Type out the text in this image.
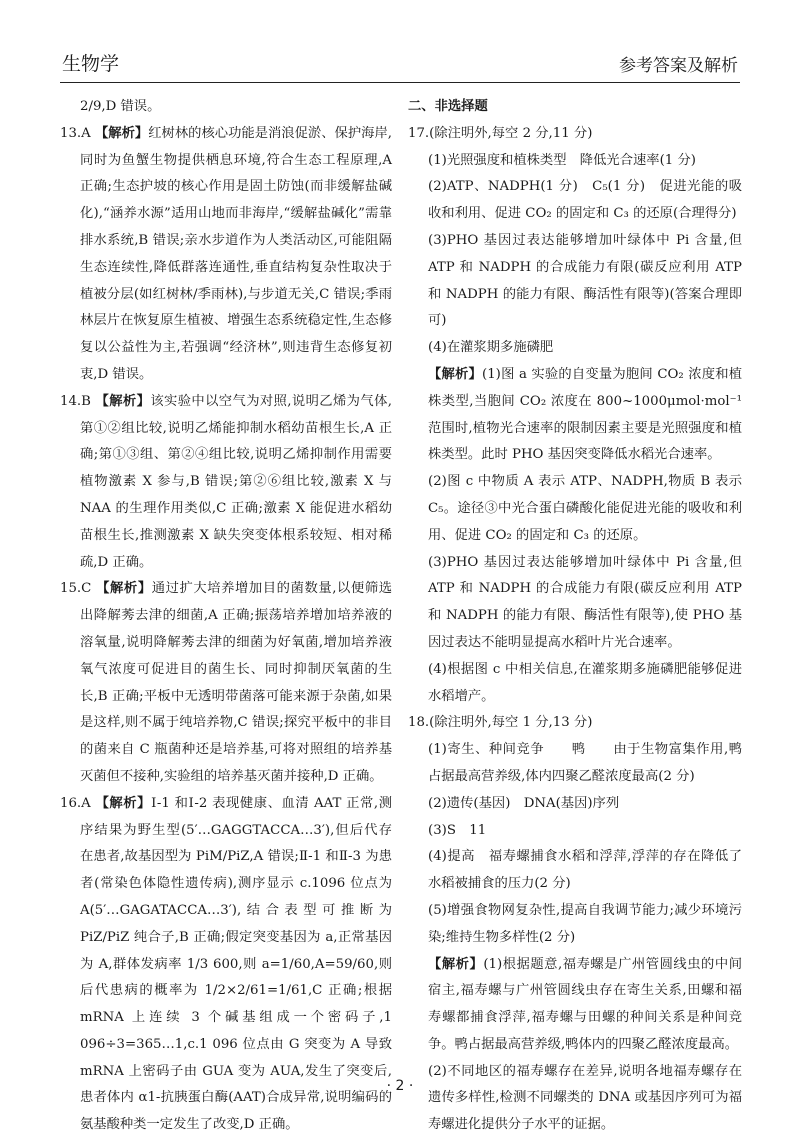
生物学	参考答案及解析

2/9,D 错误。

13.A 【解析】红树林的核心功能是消浪促淤、保护海岸,同时为鱼蟹生物提供栖息环境,符合生态工程原理,A 正确;生态护坡的核心作用是固土防蚀(而非缓解盐碱化),“涵养水源”适用山地而非海岸,“缓解盐碱化”需靠排水系统,B 错误;亲水步道作为人类活动区,可能阻隔生态连续性,降低群落连通性,垂直结构复杂性取决于植被分层(如红树林/季雨林),与步道无关,C 错误;季雨林层片在恢复原生植被、增强生态系统稳定性,生态修复以公益性为主,若强调“经济林”,则违背生态修复初衷,D 错误。

14.B 【解析】该实验中以空气为对照,说明乙烯为气体,第①②组比较,说明乙烯能抑制水稻幼苗根生长,A 正确;第①③组、第②④组比较,说明乙烯抑制作用需要植物激素 X 参与,B 错误;第②⑥组比较,激素 X 与 NAA 的生理作用类似,C 正确;激素 X 能促进水稻幼苗根生长,推测激素 X 缺失突变体根系较短、相对稀疏,D 正确。

15.C 【解析】通过扩大培养增加目的菌数量,以便筛选出降解莠去津的细菌,A 正确;振荡培养增加培养液的溶氧量,说明降解莠去津的细菌为好氧菌,增加培养液氧气浓度可促进目的菌生长、同时抑制厌氧菌的生长,B 正确;平板中无透明带菌落可能来源于杂菌,如果是这样,则不属于纯培养物,C 错误;探究平板中的非目的菌来自 C 瓶菌种还是培养基,可将对照组的培养基灭菌但不接种,实验组的培养基灭菌并接种,D 正确。

16.A 【解析】Ⅰ-1 和Ⅰ-2 表现健康、血清 AAT 正常,测序结果为野生型(5′…GAGGTACCA…3′),但后代存在患者,故基因型为 PiM/PiZ,A 错误;Ⅱ-1 和Ⅱ-3 为患者(常染色体隐性遗传病),测序显示 c.1096 位点为 A(5′…GAGATACCA…3′),结合表型可推断为 PiZ/PiZ 纯合子,B 正确;假定突变基因为 a,正常基因为 A,群体发病率 1/3 600,则 a=1/60,A=59/60,则后代患病的概率为 1/2×2/61=1/61,C 正确;根据 mRNA 上连续 3 个碱基组成一个密码子,1 096÷3=365…1,c.1 096 位点由 G 突变为 A 导致 mRNA 上密码子由 GUA 变为 AUA,发生了突变后,患者体内 α1-抗胰蛋白酶(AAT)合成异常,说明编码的氨基酸种类一定发生了改变,D 正确。

二、非选择题

17.(除注明外,每空 2 分,11 分)

(1)光照强度和植株类型　降低光合速率(1 分)

(2)ATP、NADPH(1 分)　C₅(1 分)　促进光能的吸收和利用、促进 CO₂ 的固定和 C₃ 的还原(合理得分)

(3)PHO 基因过表达能够增加叶绿体中 Pi 含量,但 ATP 和 NADPH 的合成能力有限(碳反应利用 ATP 和 NADPH 的能力有限、酶活性有限等)(答案合理即可)

(4)在灌浆期多施磷肥

【解析】(1)图 a 实验的自变量为胞间 CO₂ 浓度和植株类型,当胞间 CO₂ 浓度在 800~1000μmol·mol⁻¹ 范围时,植物光合速率的限制因素主要是光照强度和植株类型。此时 PHO 基因突变降低水稻光合速率。

(2)图 c 中物质 A 表示 ATP、NADPH,物质 B 表示 C₅。途径③中光合蛋白磷酸化能促进光能的吸收和利用、促进 CO₂ 的固定和 C₃ 的还原。

(3)PHO 基因过表达能够增加叶绿体中 Pi 含量,但 ATP 和 NADPH 的合成能力有限(碳反应利用 ATP 和 NADPH 的能力有限、酶活性有限等),使 PHO 基因过表达不能明显提高水稻叶片光合速率。

(4)根据图 c 中相关信息,在灌浆期多施磷肥能够促进水稻增产。

18.(除注明外,每空 1 分,13 分)

(1)寄生、种间竞争　　鸭　　由于生物富集作用,鸭占据最高营养级,体内四聚乙醛浓度最高(2 分)

(2)遗传(基因)　DNA(基因)序列

(3)S　11

(4)提高　福寿螺捕食水稻和浮萍,浮萍的存在降低了水稻被捕食的压力(2 分)

(5)增强食物网复杂性,提高自我调节能力;减少环境污染;维持生物多样性(2 分)

【解析】(1)根据题意,福寿螺是广州管圆线虫的中间宿主,福寿螺与广州管圆线虫存在寄生关系,田螺和福寿螺都捕食浮萍,福寿螺与田螺的种间关系是种间竞争。鸭占据最高营养级,鸭体内的四聚乙醛浓度最高。

(2)不同地区的福寿螺存在差异,说明各地福寿螺存在遗传多样性,检测不同螺类的 DNA 或基因序列可为福寿螺进化提供分子水平的证据。

· 2 ·
